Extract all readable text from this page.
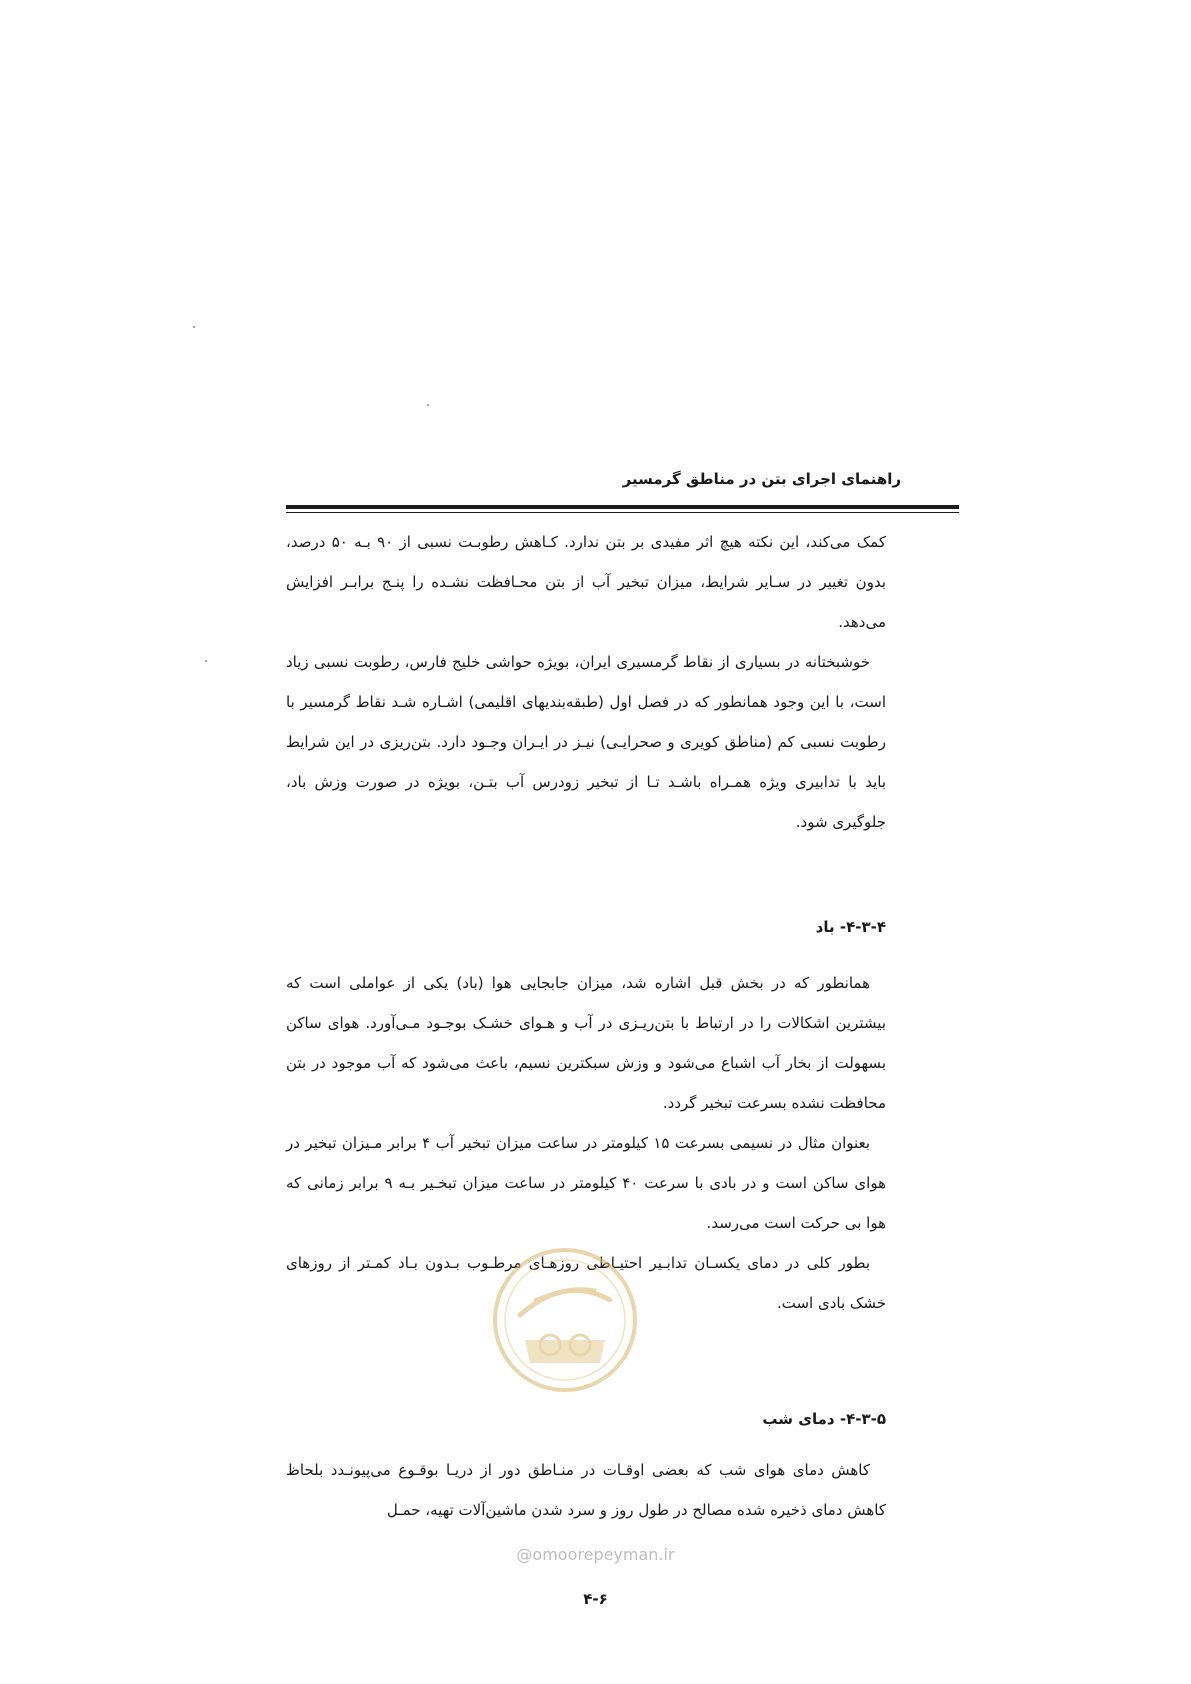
راهنمای اجرای بتن در مناطق گرمسیر

کمک می‌کند، این نکته هیچ اثر مفیدی بر بتن ندارد. کـاهش رطوبـت نسبی از ۹۰ بـه ۵۰ درصد، بدون تغییر در سـایر شرایط، میزان تبخیر آب از بتن محـافظت نشـده را پنـج برابـر افزایش می‌دهد.

خوشبختانه در بسیاری از نقاط گرمسیری ایران، بویژه حواشی خلیج فارس، رطوبت نسبی زیاد است، با این وجود همانطور که در فصل اول (طبقه‌بندیهای اقلیمی) اشـاره شـد نقاط گرمسیر با رطوبت نسبی کم (مناطق کویری و صحرایـی) نیـز در ایـران وجـود دارد. بتن‌ریزی در این شرایط باید با تدابیری ویژه همـراه باشـد تـا از تبخیر زودرس آب بتـن، بویژه در صورت وزش باد، جلوگیری شود.

۴-۳-۴- باد

همانطور که در بخش قبل اشاره شد، میزان جابجایی هوا (باد) یکی از عواملی است که بیشترین اشکالات را در ارتباط با بتن‌ریـزی در آب و هـوای خشـک بوجـود مـی‌آورد. هوای ساکن بسهولت از بخار آب اشباع می‌شود و وزش سبکترین نسیم، باعث می‌شود که آب موجود در بتن محافظت نشده بسرعت تبخیر گردد.

بعنوان مثال در نسیمی بسرعت ۱۵ کیلومتر در ساعت میزان تبخیر آب ۴ برابر مـیزان تبخیر در هوای ساکن است و در بادی با سرعت ۴۰ کیلومتر در ساعت میزان تبخـیر بـه ۹ برابر زمانی که هوا بی حرکت است می‌رسد.

بطور کلی در دمای یکسـان تدابـیر احتیـاطی روزهـای مرطـوب بـدون بـاد کمـتر از روزهای خشک بادی است.

۴-۳-۵- دمای شب

کاهش دمای هوای شب که بعضی اوقـات در منـاطق دور از دریـا بوقـوع می‌پیونـدد بلحاظ کاهش دمای ذخیره شده مصالح در طول روز و سرد شدن ماشین‌آلات تهیه، حمـل

@omoorepeyman.ir
۴-۶
